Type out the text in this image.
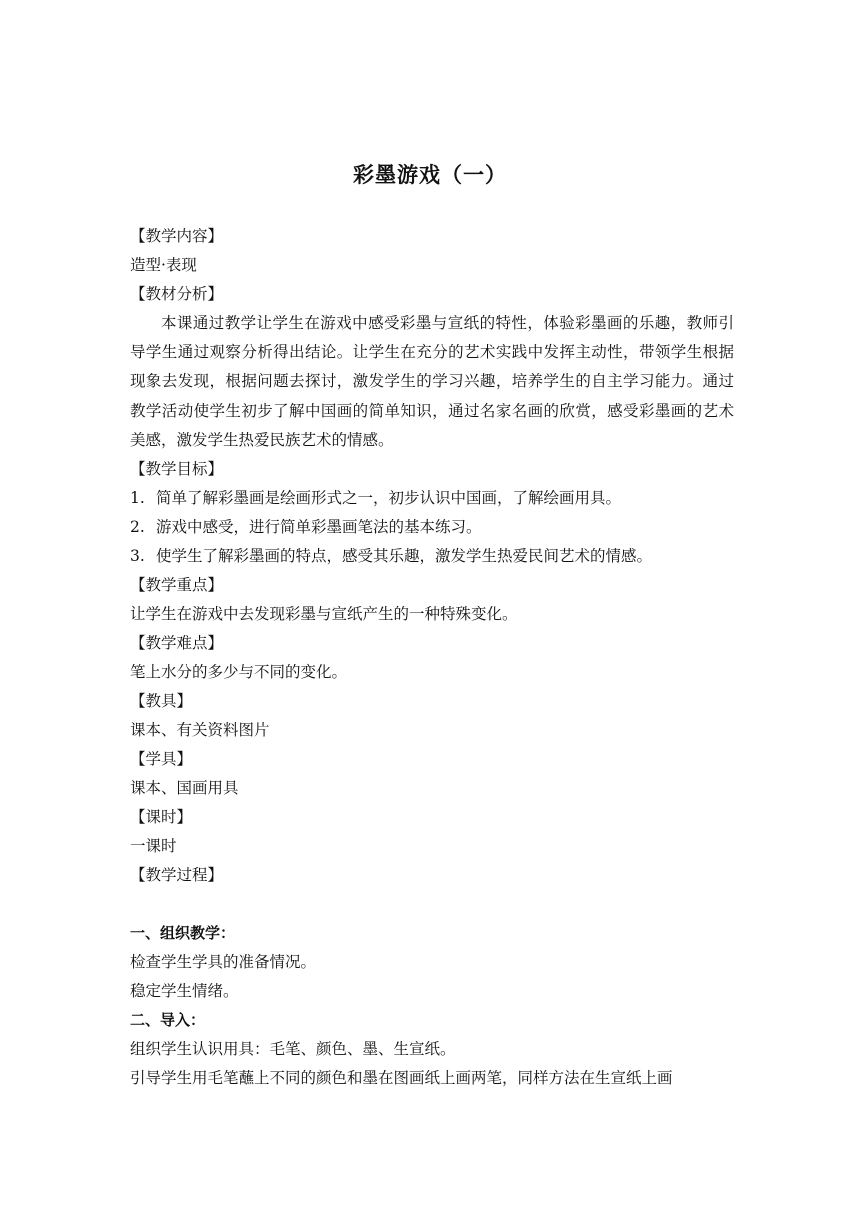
彩墨游戏（一）
【教学内容】
造型·表现
【教材分析】
本课通过教学让学生在游戏中感受彩墨与宣纸的特性，体验彩墨画的乐趣，教师引导学生通过观察分析得出结论。让学生在充分的艺术实践中发挥主动性，带领学生根据现象去发现，根据问题去探讨，激发学生的学习兴趣，培养学生的自主学习能力。通过教学活动使学生初步了解中国画的简单知识，通过名家名画的欣赏，感受彩墨画的艺术美感，激发学生热爱民族艺术的情感。
【教学目标】
1. 简单了解彩墨画是绘画形式之一，初步认识中国画，了解绘画用具。
2. 游戏中感受，进行简单彩墨画笔法的基本练习。
3. 使学生了解彩墨画的特点，感受其乐趣，激发学生热爱民间艺术的情感。
【教学重点】
让学生在游戏中去发现彩墨与宣纸产生的一种特殊变化。
【教学难点】
笔上水分的多少与不同的变化。
【教具】
课本、有关资料图片
【学具】
课本、国画用具
【课时】
一课时
【教学过程】
一、组织教学：
检查学生学具的准备情况。
稳定学生情绪。
二、导入：
组织学生认识用具：毛笔、颜色、墨、生宣纸。
引导学生用毛笔蘸上不同的颜色和墨在图画纸上画两笔，同样方法在生宣纸上画
